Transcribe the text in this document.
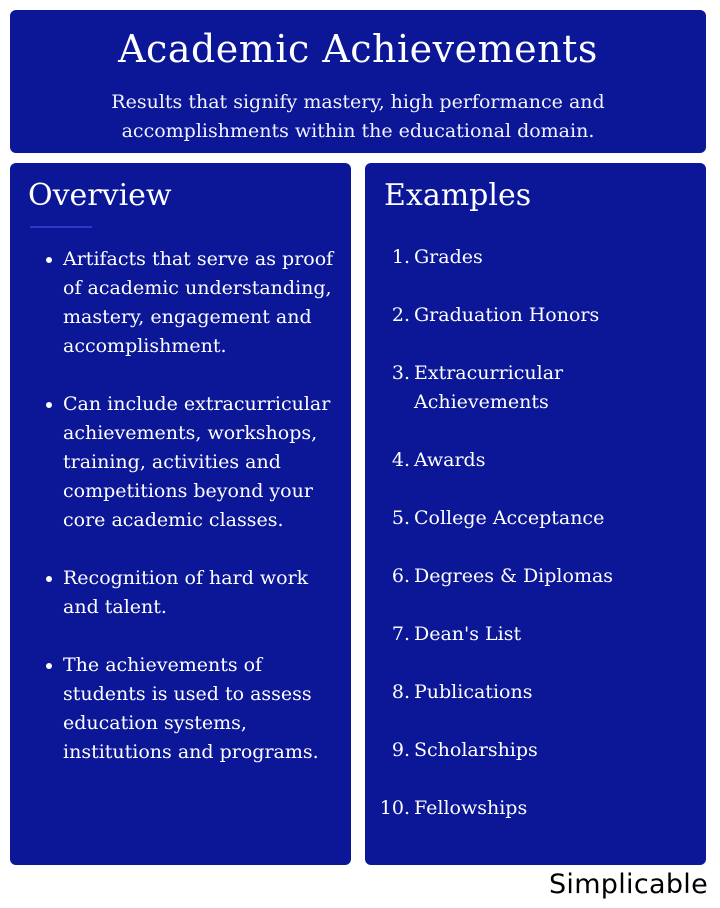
Academic Achievements

Results that signify mastery, high performance and accomplishments within the educational domain.

Overview
Artifacts that serve as proof of academic understanding, mastery, engagement and accomplishment.
Can include extracurricular achievements, workshops, training, activities and competitions beyond your core academic classes.
Recognition of hard work and talent.
The achievements of students is used to assess education systems, institutions and programs.
Examples
1. Grades
2. Graduation Honors
3. Extracurricular Achievements
4. Awards
5. College Acceptance
6. Degrees & Diplomas
7. Dean's List
8. Publications
9. Scholarships
10. Fellowships
Simplicable
